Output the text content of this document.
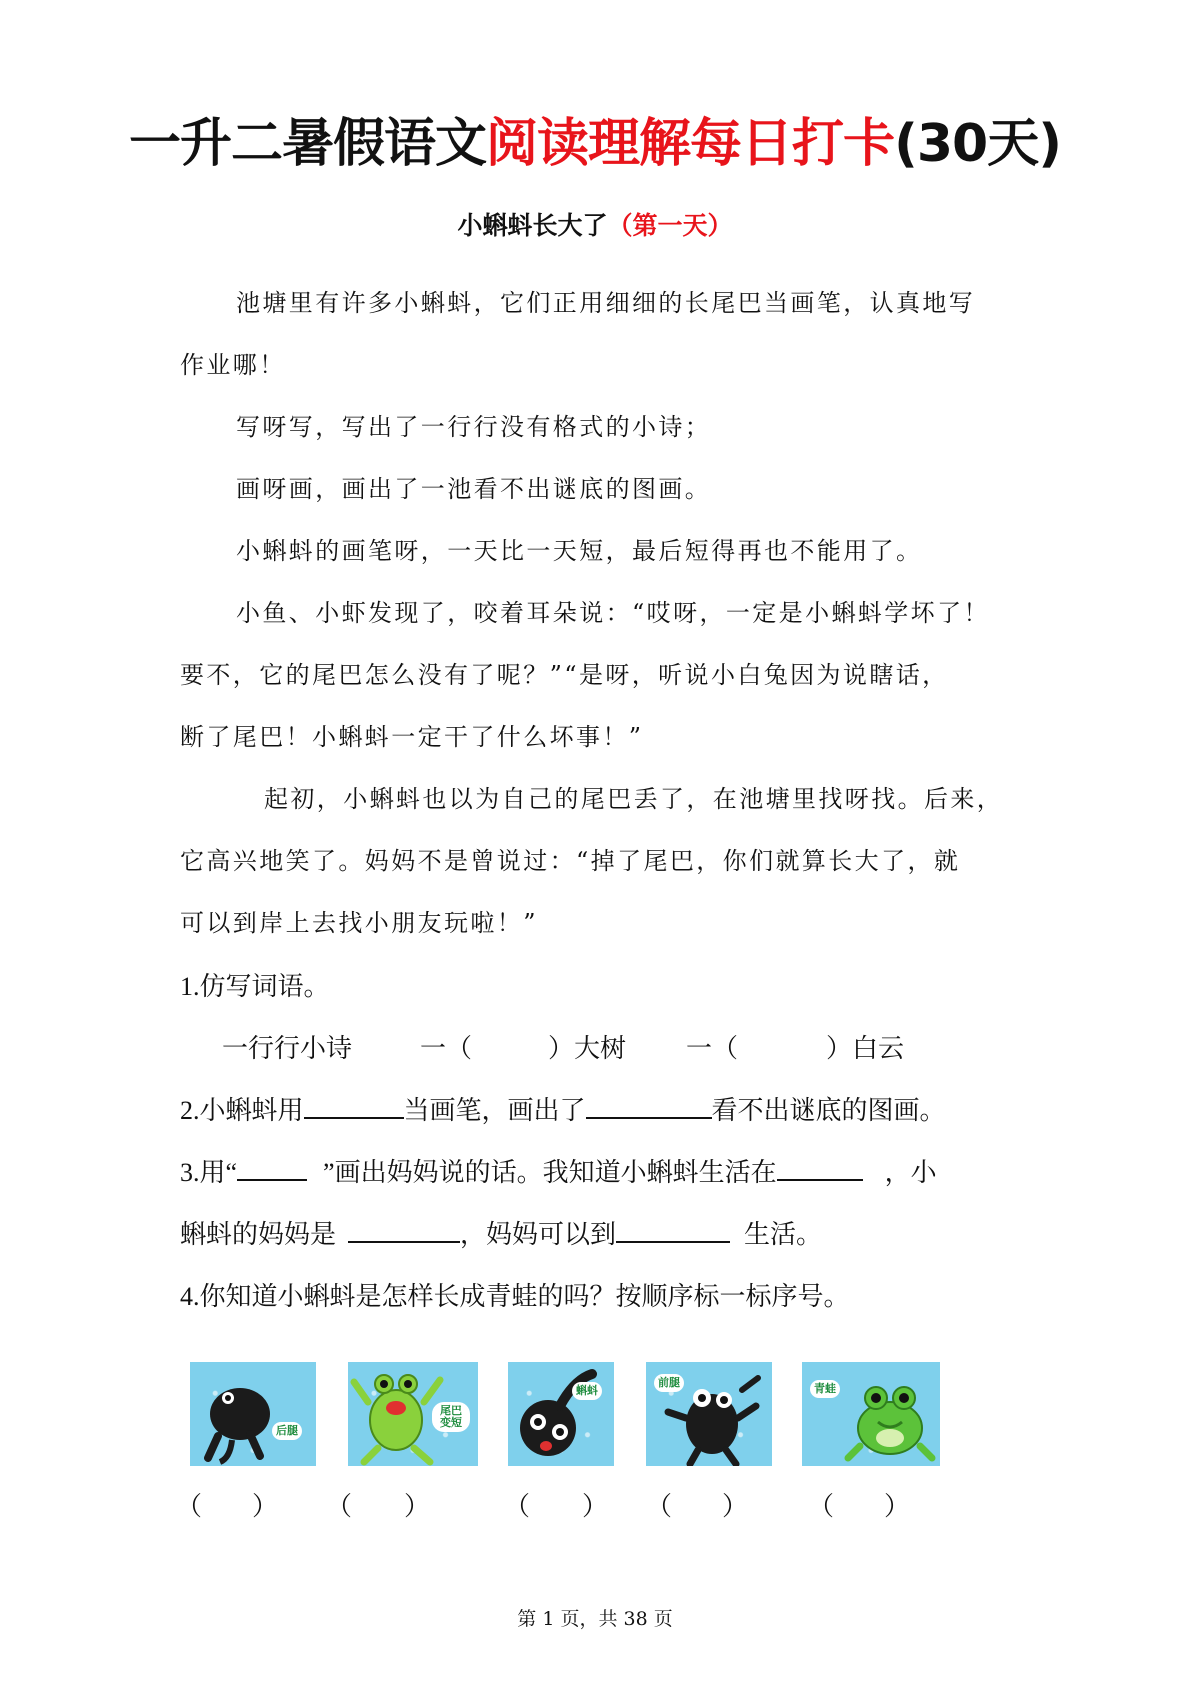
一升二暑假语文阅读理解每日打卡(30天)
小蝌蚪长大了（第一天）

池塘里有许多小蝌蚪，它们正用细细的长尾巴当画笔，认真地写

作业哪！

写呀写，写出了一行行没有格式的小诗；

画呀画，画出了一池看不出谜底的图画。

小蝌蚪的画笔呀，一天比一天短，最后短得再也不能用了。

小鱼、小虾发现了，咬着耳朵说：“哎呀，一定是小蝌蚪学坏了！

要不，它的尾巴怎么没有了呢？”“是呀，听说小白兔因为说瞎话，

断了尾巴！小蝌蚪一定干了什么坏事！”

起初，小蝌蚪也以为自己的尾巴丢了，在池塘里找呀找。后来，

它高兴地笑了。妈妈不是曾说过：“掉了尾巴，你们就算长大了，就

可以到岸上去找小朋友玩啦！”

1.仿写词语。

一行行小诗	一（	）大树 一（	）白云

2.小蝌蚪用	当画笔，画出了	看不出谜底的图画。

3.用“	”画出妈妈说的话。我知道小蝌蚪生活在	，小

蝌蚪的妈妈是	，妈妈可以到	生活。

4.你知道小蝌蚪是怎样长成青蛙的吗？按顺序标一标序号。

后腿
尾巴变短
蝌蚪
前腿	青蛙
（ ） （ ）	（ ） （ ） （ ）
第 1 页，共 38 页
